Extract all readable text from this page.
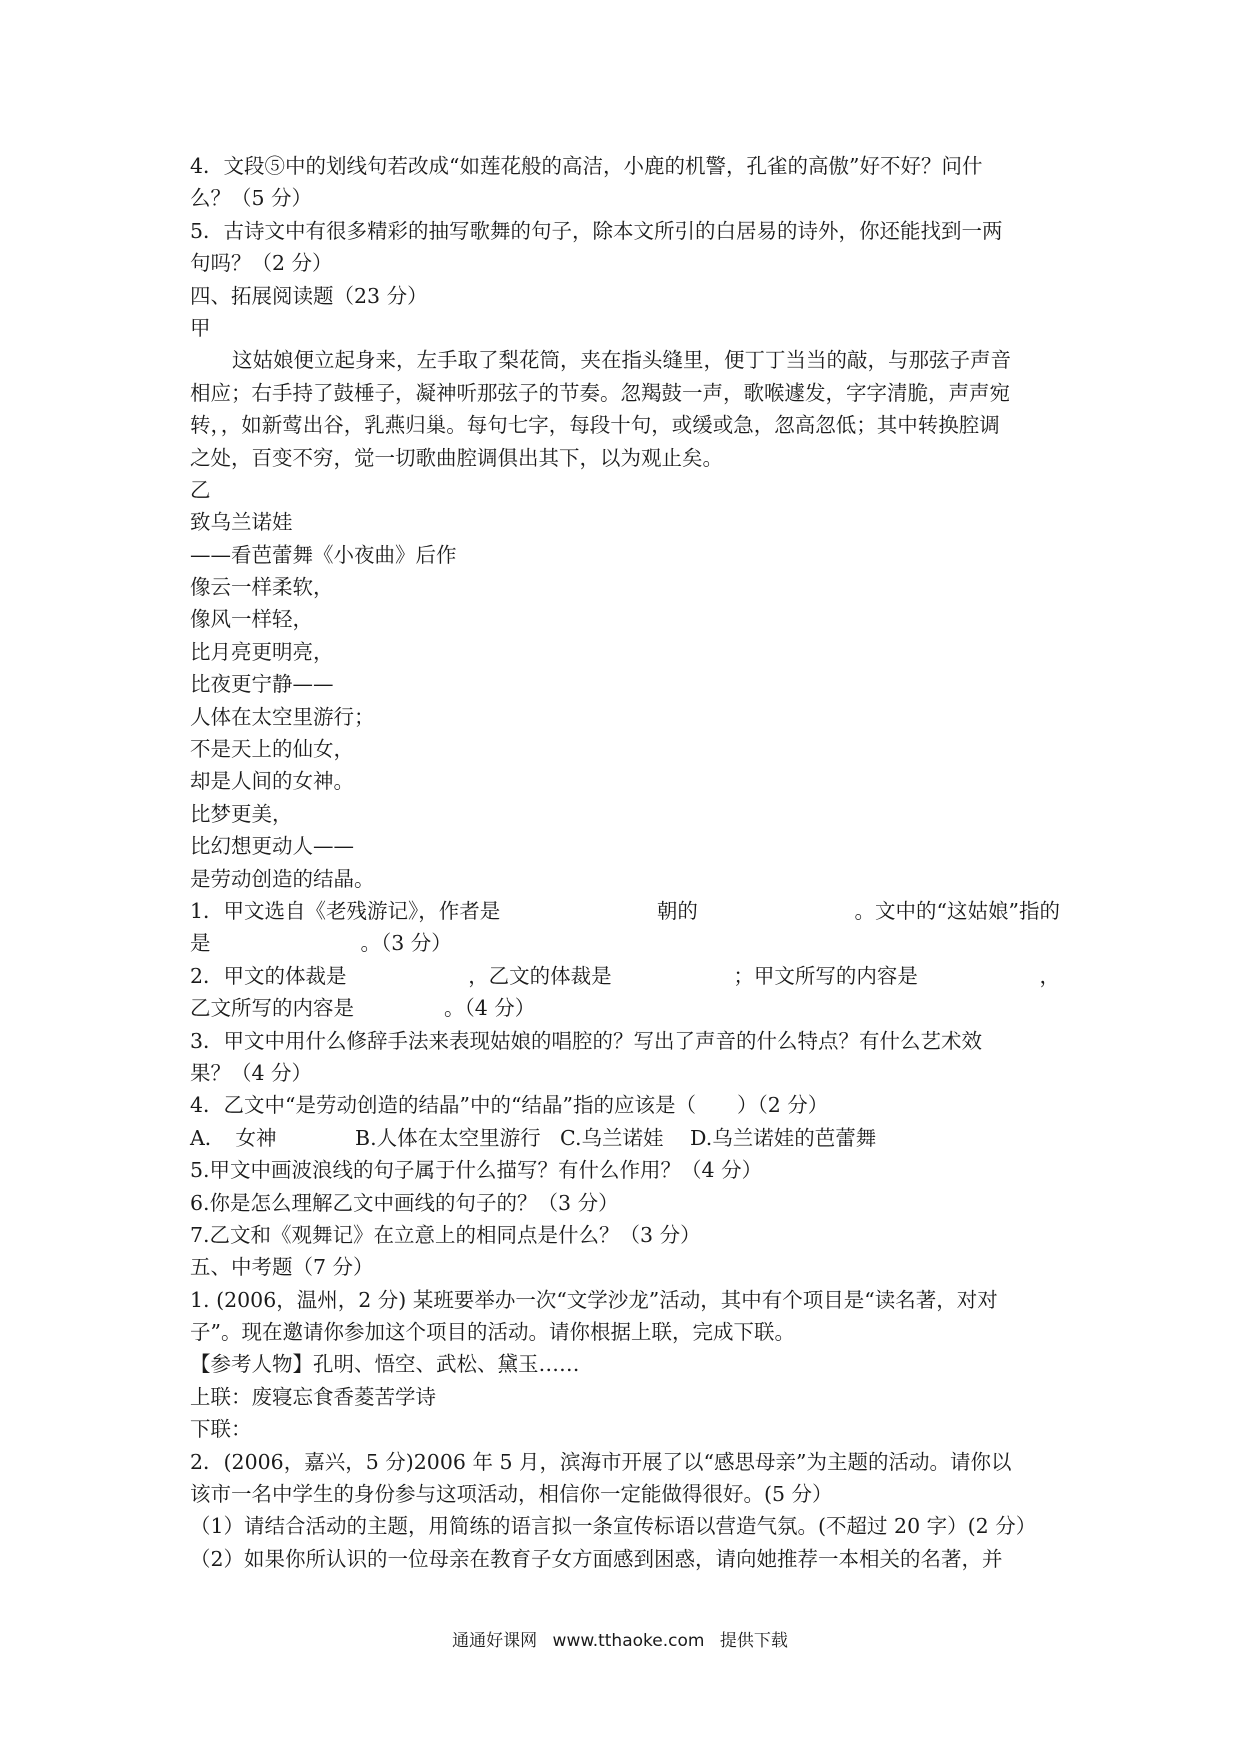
4．文段⑤中的划线句若改成“如莲花般的高洁，小鹿的机警，孔雀的高傲”好不好？问什
么？（5 分）
5．古诗文中有很多精彩的抽写歌舞的句子，除本文所引的白居易的诗外，你还能找到一两
句吗？（2 分）
四、拓展阅读题（23 分）
甲
这姑娘便立起身来，左手取了梨花筒，夹在指头缝里，便丁丁当当的敲，与那弦子声音
相应；右手持了鼓棰子，凝神听那弦子的节奏。忽羯鼓一声，歌喉遽发，字字清脆，声声宛
转，，如新莺出谷，乳燕归巢。每句七字，每段十句，或缓或急，忽高忽低；其中转换腔调
之处，百变不穷，觉一切歌曲腔调俱出其下，以为观止矣。
乙
致乌兰诺娃
——看芭蕾舞《小夜曲》后作
像云一样柔软，
像风一样轻，
比月亮更明亮，
比夜更宁静——
人体在太空里游行；
不是天上的仙女，
却是人间的女神。
比梦更美，
比幻想更动人——
是劳动创造的结晶。
1．甲文选自《老残游记》，作者是	朝的	。文中的“这姑娘”指的
是	。（3 分）
2．甲文的体裁是	，乙文的体裁是	；甲文所写的内容是	，
乙文所写的内容是	。（4 分）
3．甲文中用什么修辞手法来表现姑娘的唱腔的？写出了声音的什么特点？有什么艺术效
果？（4 分）
4．乙文中“是劳动创造的结晶”中的“结晶”指的应该是（　　）（2 分）
A．　女神	B.人体在太空里游行 C.乌兰诺娃 D.乌兰诺娃的芭蕾舞
5.甲文中画波浪线的句子属于什么描写？有什么作用？（4 分）
6.你是怎么理解乙文中画线的句子的？（3 分）
7.乙文和《观舞记》在立意上的相同点是什么？（3 分）
五、中考题（7 分）
1. (2006，温州，2 分) 某班要举办一次“文学沙龙”活动，其中有个项目是“读名著，对对
子”。现在邀请你参加这个项目的活动。请你根据上联，完成下联。
【参考人物】孔明、悟空、武松、黛玉……
上联：废寝忘食香菱苦学诗
下联：
2．(2006，嘉兴，5 分)2006 年 5 月，滨海市开展了以“感思母亲”为主题的活动。请你以
该市一名中学生的身份参与这项活动，相信你一定能做得很好。(5 分）
（1）请结合活动的主题，用简练的语言拟一条宣传标语以营造气氛。(不超过 20 字）(2 分）
（2）如果你所认识的一位母亲在教育子女方面感到困惑，请向她推荐一本相关的名著，并
通通好课网 www.tthaoke.com 提供下载
